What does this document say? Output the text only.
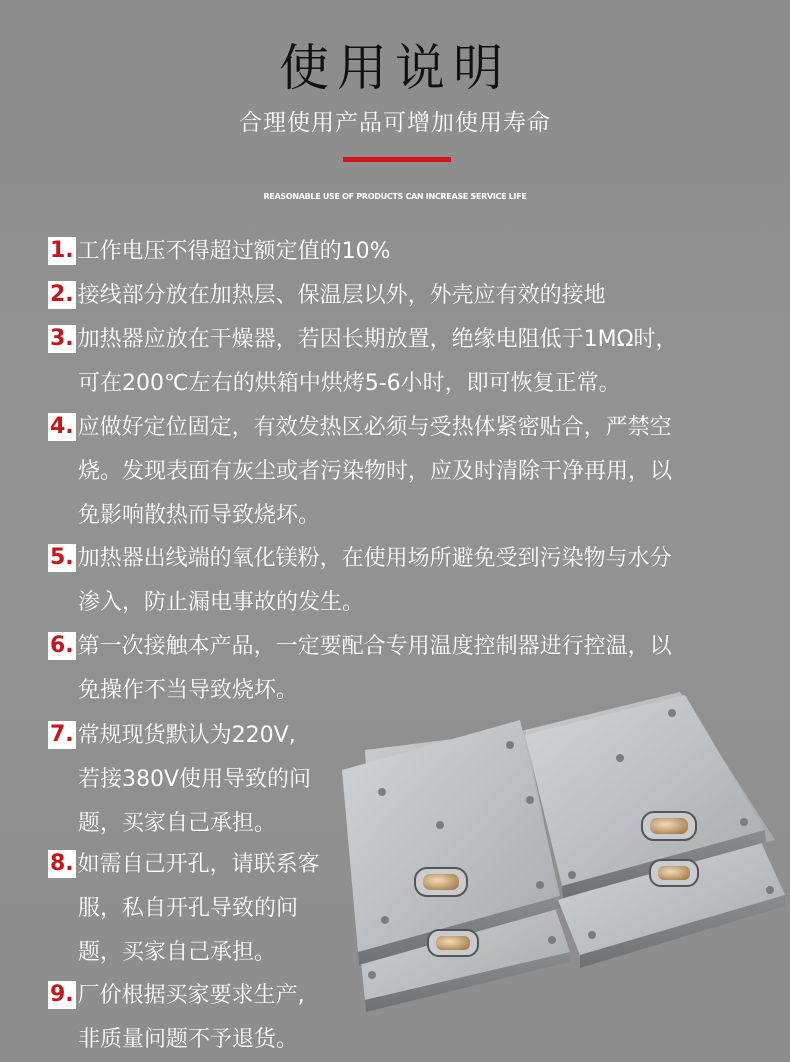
使用说明
合理使用产品可增加使用寿命
REASONABLE USE OF PRODUCTS CAN INCREASE SERVICE LIFE
1. 工作电压不得超过额定值的10%
2. 接线部分放在加热层、保温层以外，外壳应有效的接地
3. 加热器应放在干燥器，若因长期放置，绝缘电阻低于1MΩ时，
可在200℃左右的烘箱中烘烤5-6小时，即可恢复正常。
4. 应做好定位固定，有效发热区必须与受热体紧密贴合，严禁空
烧。发现表面有灰尘或者污染物时，应及时清除干净再用，以
免影响散热而导致烧坏。
5. 加热器出线端的氧化镁粉，在使用场所避免受到污染物与水分
渗入，防止漏电事故的发生。
6. 第一次接触本产品，一定要配合专用温度控制器进行控温，以
免操作不当导致烧坏。
7. 常规现货默认为220V,
若接380V使用导致的问
题，买家自己承担。
8. 如需自己开孔，请联系客
服，私自开孔导致的问
题，买家自己承担。
9. 厂价根据买家要求生产,
非质量问题不予退货。
